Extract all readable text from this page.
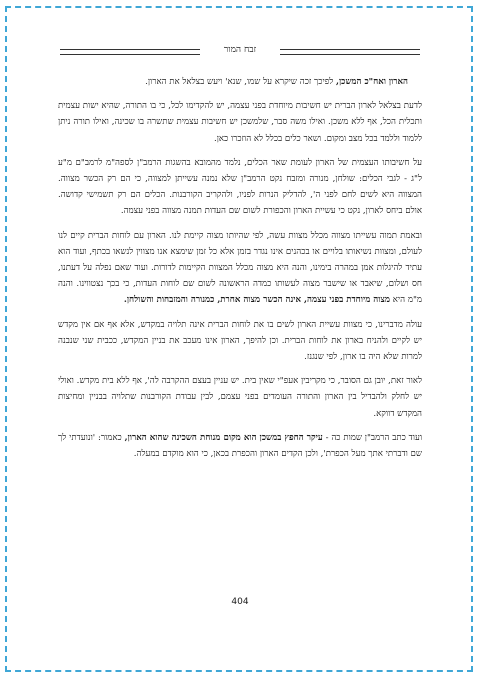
זבח המור

הארון ואח"כ המשכן, לפיכך זכה שיקרא על שמו, שנא' ויעש בצלאל את הארון.

לדעת בצלאל לארון הברית יש חשיבות מיוחדת בפני עצמה, יש להקדימו לכל, כי בו התורה, שהיא ישות עצמית ותכלית הכל, אף ללא משכן. ואילו משה סבר, שלמשכן יש חשיבות עצמית שתשרה בו שכינה, ואילו תורה ניתן ללמוד וללמד בכל מצב ומקום. ושאר כלים בכלל לא הוזכרו כאן.

על חשיבותו העצמית של הארון לעומת שאר הכלים, נלמד מהמובא בהשגות הרמב"ן לספה"מ לרמב"ם מ"ע ל"ג - לגבי הכלים: שולחן, מנורה ומזבח נקט הרמב"ן שלא נמנה עשייתן למצווה, כי הם רק הכשר מצווה. המצווה היא לשים לחם לפני ה', להדליק הנרות לפניו, ולהקריב הקורבנות. הכלים הם רק תשמישי קדושה. אולם ביחס לארון, נקט כי עשיית הארון והכפורת לשום שם העדות תמנה מצווה בפני עצמה.

ובאמת תמוה עשייתו מצווה מכלל מצוות עשה, לפי שהיותו מצוה קיימת לנו. הארון עם לוחות הברית קיים לנו לעולם, ומצוות נשיאותו בלויים או בכהנים אינו נגדר בזמן אלא כל זמן שימצא אנו מצווין לנשאו בכתף, ועוד הוא עתיד להיגלות אמן במהרה בימינו, והנה היא מצוה מכלל המצוות הקיימות לדורות. ועוד שאם נפלה על דעתנו, חס ושלום, שיאבד או שישבר מצוה לעשותו כמדה הראשונה לשום שם לוחות העדות, כי בכך נצטווינו. והנה מ"מ היא מצוה מיוחדת בפני עצמה, אינה הכשר מצוה אחרת, כמנורה והמזבחות והשולחן.

עולה מדברינו, כי מצוות עשיית הארון לשים בו את לוחות הברית אינה תלויה במקדש, אלא אף אם אין מקדש יש לקיים ולהניח בארון את לוחות הברית. וכן להיפך, הארון אינו מעכב את בניין המקדש, ככבית שני שנבנה למרות שלא היה בו ארון, לפי שנגנז.

לאור זאת, יובן גם הסובר, כי מקריבין אעפ"י שאין בית. יש עניין בעצם ההקרבה לה', אף ללא בית מקדש. ואולי יש לחלק ולהבדיל בין הארון והתורה העומדים בפני עצמם, לבין עבודת הקורבנות שתלויה בבניין ומחיצות המקדש דווקא.

ועוד כתב הרמב"ן שמות כה - עיקר החפץ במשכן הוא מקום מנוחת השכינה שהוא הארון, כאמור: 'ונועדתי לך שם ודברתי אתך מעל הכפרת', ולכן הקדים הארון והכפרת בכאן, כי הוא מוקדם במעלה.

404
